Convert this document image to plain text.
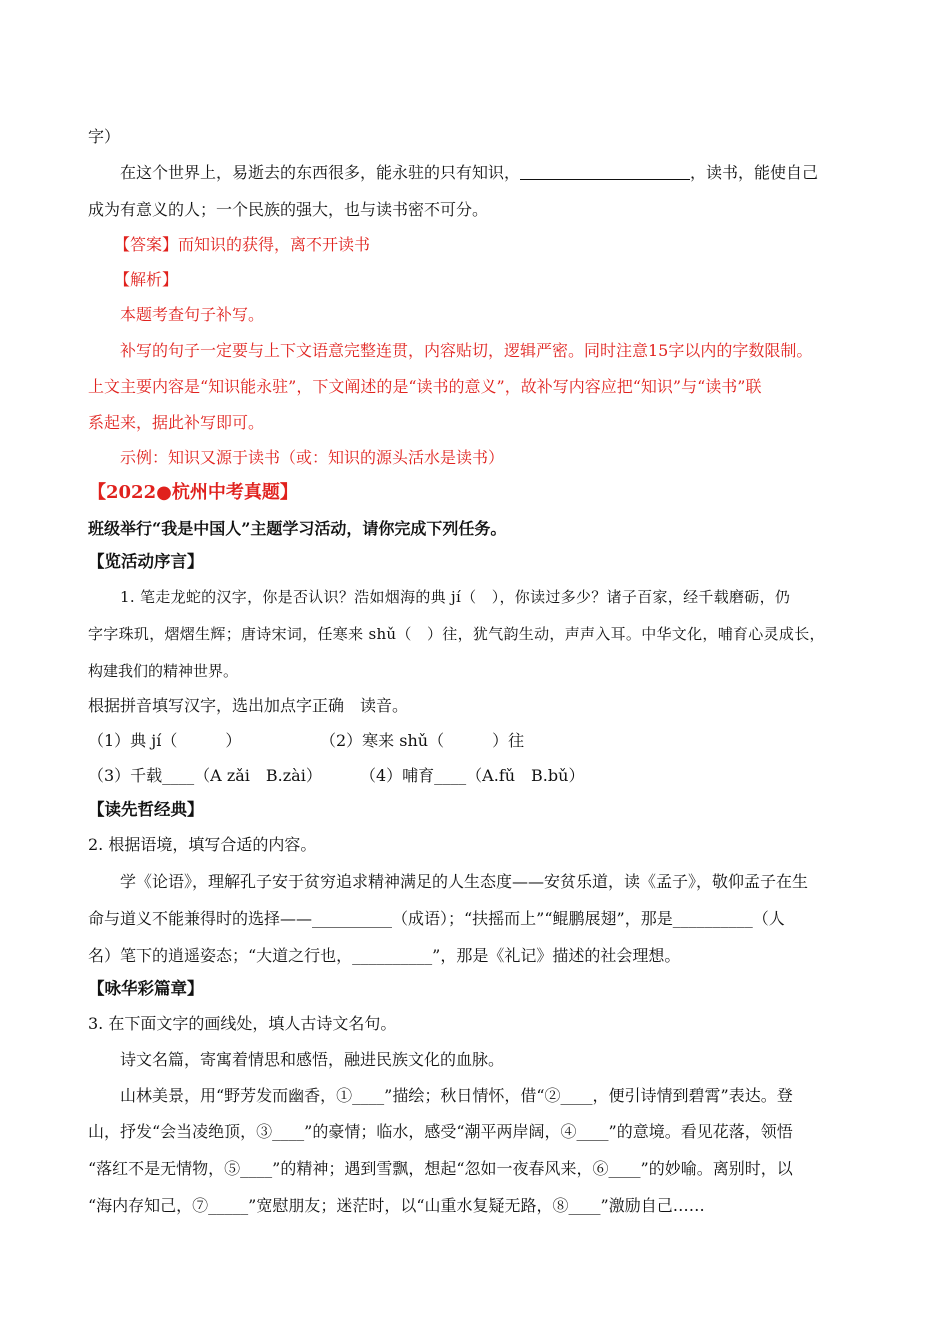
字）
在这个世界上，易逝去的东西很多，能永驻的只有知识，	，读书，能使自己
成为有意义的人；一个民族的强大，也与读书密不可分。
【答案】而知识的获得，离不开读书
【解析】
本题考查句子补写。
补写的句子一定要与上下文语意完整连贯，内容贴切，逻辑严密。同时注意15字以内的字数限制。
上文主要内容是“知识能永驻”，下文阐述的是“读书的意义”，故补写内容应把“知识”与“读书”联
系起来，据此补写即可。
示例：知识又源于读书（或：知识的源头活水是读书）
【2022●杭州中考真题】
班级举行“我是中国人”主题学习活动，请你完成下列任务。
【览活动序言】
1. 笔走龙蛇的汉字，你是否认识？浩如烟海的典 jí（　），你读过多少？诸子百家，经千载磨砺，仍
字字珠玑，熠熠生辉；唐诗宋词，任寒来 shǔ（　）往，犹气韵生动，声声入耳。中华文化，哺育心灵成长，
构建我们的精神世界。
根据拼音填写汉字，选出加点字正确　读音。
（1）典 jí（　　　）	（2）寒来 shǔ（　　　）往
（3）千载____（A zǎi　B.zài） （4）哺育____（A.fǔ　B.bǔ）
【读先哲经典】
2. 根据语境，填写合适的内容。
学《论语》，理解孔子安于贫穷追求精神满足的人生态度——安贫乐道，读《孟子》，敬仰孟子在生
命与道义不能兼得时的选择——__________（成语）；“扶摇而上”“鲲鹏展翅”，那是__________（人
名）笔下的逍遥姿态；“大道之行也，__________”，那是《礼记》描述的社会理想。
【咏华彩篇章】
3. 在下面文字的画线处，填人古诗文名句。
诗文名篇，寄寓着情思和感悟，融进民族文化的血脉。
山林美景，用“野芳发而幽香，①____”描绘；秋日情怀，借“②____，便引诗情到碧霄”表达。登
山，抒发“会当凌绝顶，③____”的豪情；临水，感受“潮平两岸阔，④____”的意境。看见花落，领悟
“落红不是无情物，⑤____”的精神；遇到雪飘，想起“忽如一夜春风来，⑥____”的妙喻。离别时，以
“海内存知己，⑦_____”宽慰朋友；迷茫时，以“山重水复疑无路，⑧____”激励自己……
